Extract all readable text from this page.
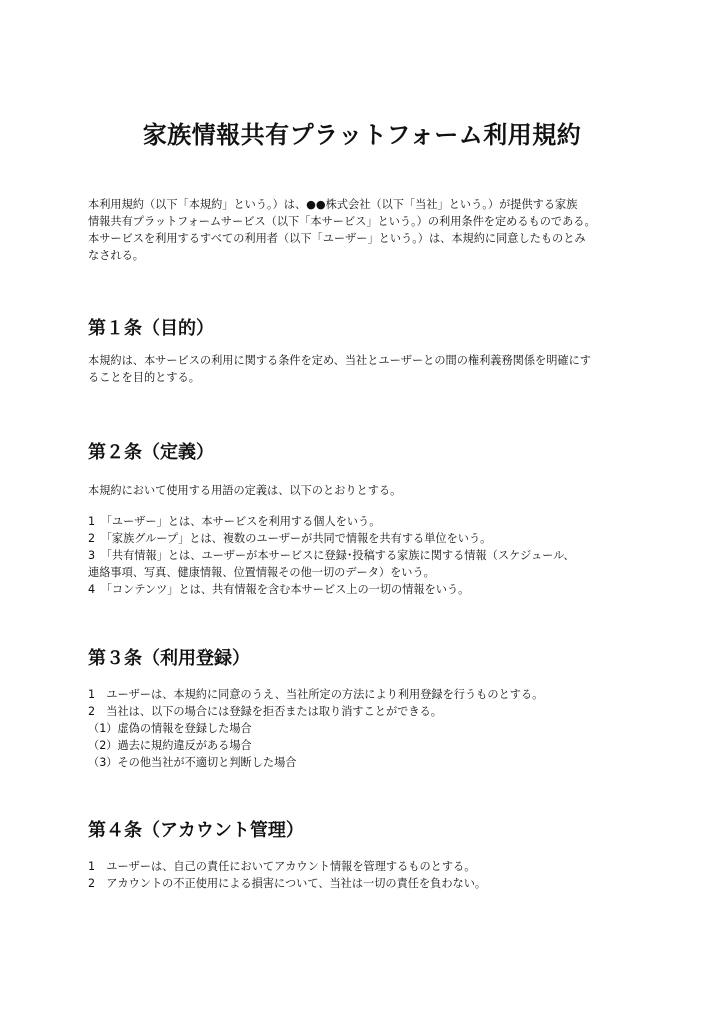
家族情報共有プラットフォーム利用規約

本利用規約（以下「本規約」という。）は、●●株式会社（以下「当社」という。）が提供する家族

情報共有プラットフォームサービス（以下「本サービス」という。）の利用条件を定めるものである。

本サービスを利用するすべての利用者（以下「ユーザー」という。）は、本規約に同意したものとみ

なされる。

第１条（目的）

本規約は、本サービスの利用に関する条件を定め、当社とユーザーとの間の権利義務関係を明確にす

ることを目的とする。

第２条（定義）

本規約において使用する用語の定義は、以下のとおりとする。

1　「ユーザー」とは、本サービスを利用する個人をいう。

2　「家族グループ」とは、複数のユーザーが共同で情報を共有する単位をいう。

3　「共有情報」とは、ユーザーが本サービスに登録･投稿する家族に関する情報（スケジュール、

連絡事項、写真、健康情報、位置情報その他一切のデータ）をいう。

4　「コンテンツ」とは、共有情報を含む本サービス上の一切の情報をいう。

第３条（利用登録）

1　ユーザーは、本規約に同意のうえ、当社所定の方法により利用登録を行うものとする。

2　当社は、以下の場合には登録を拒否または取り消すことができる。

（1）虚偽の情報を登録した場合

（2）過去に規約違反がある場合

（3）その他当社が不適切と判断した場合

第４条（アカウント管理）

1　ユーザーは、自己の責任においてアカウント情報を管理するものとする。

2　アカウントの不正使用による損害について、当社は一切の責任を負わない。
